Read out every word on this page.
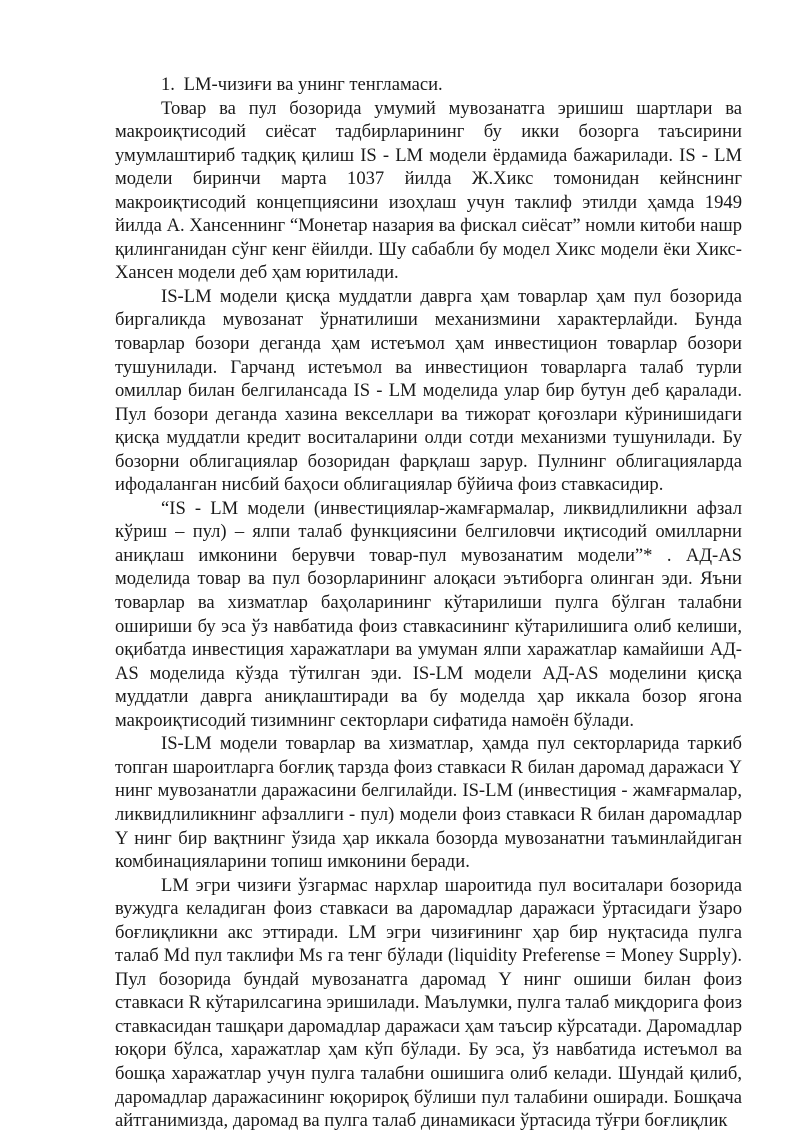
1. LM-чизиғи ва унинг тенгламаси.

Товар ва пул бозорида умумий мувозанатга эришиш шартлари ва макроиқтисодий сиёсат тадбирларининг бу икки бозорга таъсирини умумлаштириб тадқиқ қилиш IS - LM модели ёрдамида бажарилади. IS - LM модели биринчи марта 1037 йилда Ж.Хикс томонидан кейнснинг макроиқтисодий концепциясини изоҳлаш учун таклиф этилди ҳамда 1949 йилда А. Хансеннинг “Монетар назария ва фискал сиёсат” номли китоби нашр қилинганидан сўнг кенг ёйилди. Шу сабабли бу модел Хикс модели ёки Хикс-Хансен модели деб ҳам юритилади.

IS-LM модели қисқа муддатли даврга ҳам товарлар ҳам пул бозорида биргаликда мувозанат ўрнатилиши механизмини характерлайди. Бунда товарлар бозори деганда ҳам истеъмол ҳам инвестицион товарлар бозори тушунилади. Гарчанд истеъмол ва инвестицион товарларга талаб турли омиллар билан белгилансада IS - LM моделида улар бир бутун деб қаралади. Пул бозори деганда хазина векселлари ва тижорат қоғозлари кўринишидаги қисқа муддатли кредит воситаларини олди сотди механизми тушунилади. Бу бозорни облигациялар бозоридан фарқлаш зарур. Пулнинг облигацияларда ифодаланган нисбий баҳоси облигациялар бўйича фоиз ставкасидир.

“IS - LM модели (инвестициялар-жамғармалар, ликвидлиликни афзал кўриш – пул) – ялпи талаб функциясини белгиловчи иқтисодий омилларни аниқлаш имконини берувчи товар-пул мувозанатим модели”* . АД-AS моделида товар ва пул бозорларининг алоқаси эътиборга олинган эди. Яъни товарлар ва хизматлар баҳоларининг кўтарилиши пулга бўлган талабни ошириши бу эса ўз навбатида фоиз ставкасининг кўтарилишига олиб келиши, оқибатда инвестиция харажатлари ва умуман ялпи харажатлар камайиши АД-AS моделида кўзда тўтилган эди. IS-LM модели АД-AS моделини қисқа муддатли даврга аниқлаштиради ва бу моделда ҳар иккала бозор ягона макроиқтисодий тизимнинг секторлари сифатида намоён бўлади.

IS-LM модели товарлар ва хизматлар, ҳамда пул секторларида таркиб топган шароитларга боғлиқ тарзда фоиз ставкаси R билан даромад даражаси Y нинг мувозанатли даражасини белгилайди. IS-LM (инвестиция - жамғармалар, ликвидлиликнинг афзаллиги - пул) модели фоиз ставкаси R билан даромадлар Y нинг бир вақтнинг ўзида ҳар иккала бозорда мувозанатни таъминлайдиган комбинацияларини топиш имконини беради.

LM эгри чизиғи ўзгармас нархлар шароитида пул воситалари бозорида вужудга келадиган фоиз ставкаси ва даромадлар даражаси ўртасидаги ўзаро боғлиқликни акс эттиради. LM эгри чизиғининг ҳар бир нуқтасида пулга талаб Md пул таклифи Ms га тенг бўлади (liquidity Preferense = Money Supply). Пул бозорида бундай мувозанатга даромад Y нинг ошиши билан фоиз ставкаси R кўтарилсагина эришилади. Маълумки, пулга талаб миқдорига фоиз ставкасидан ташқари даромадлар даражаси ҳам таъсир кўрсатади. Даромадлар юқори бўлса, харажатлар ҳам кўп бўлади. Бу эса, ўз навбатида истеъмол ва бошқа харажатлар учун пулга талабни ошишига олиб келади. Шундай қилиб, даромадлар даражасининг юқорироқ бўлиши пул талабини оширади. Бошқача айтганимизда, даромад ва пулга талаб динамикаси ўртасида тўғри боғлиқлик
